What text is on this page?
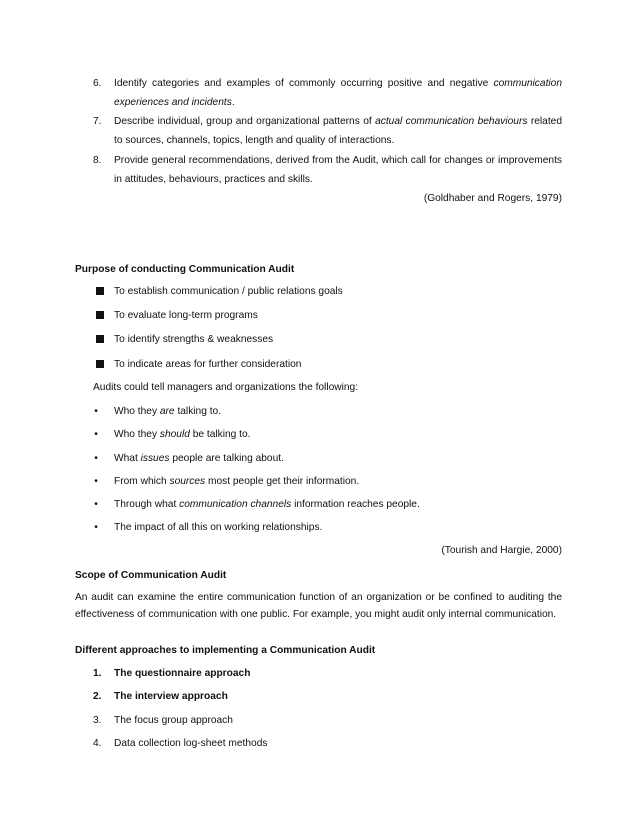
6.	Identify categories and examples of commonly occurring positive and negative communication experiences and incidents.
7.	Describe individual, group and organizational patterns of actual communication behaviours related to sources, channels, topics, length and quality of interactions.
8.	Provide general recommendations, derived from the Audit, which call for changes or improvements in attitudes, behaviours, practices and skills.
(Goldhaber and Rogers, 1979)
Purpose of conducting Communication Audit
To establish communication / public relations goals
To evaluate long-term programs
To identify strengths & weaknesses
To indicate areas for further consideration
Audits could tell managers and organizations the following:
•	Who they are talking to.
•	Who they should be talking to.
•	What issues people are talking about.
•	From which sources most people get their information.
•	Through what communication channels information reaches people.
•	The impact of all this on working relationships.
(Tourish and Hargie, 2000)
Scope of Communication Audit
An audit can examine the entire communication function of an organization or be confined to auditing the effectiveness of communication with one public. For example, you might audit only internal communication.
Different approaches to implementing a Communication Audit
1. The questionnaire approach
2. The interview approach
3. The focus group approach
4. Data collection log-sheet methods
